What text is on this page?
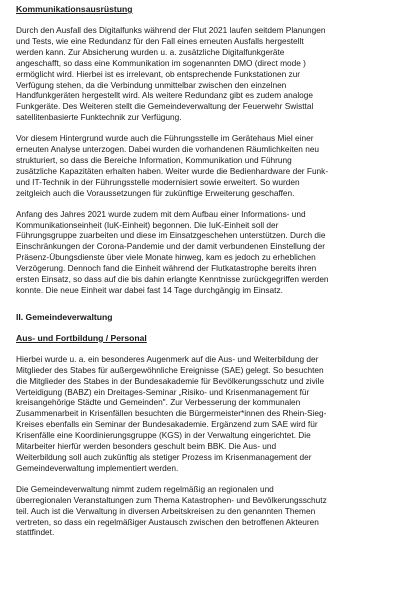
Kommunikationsausrüstung
Durch den Ausfall des Digitalfunks während der Flut 2021 laufen seitdem Planungen
und Tests, wie eine Redundanz für den Fall eines erneuten Ausfalls hergestellt
werden kann. Zur Absicherung wurden u. a. zusätzliche Digitalfunkgeräte
angeschafft, so dass eine Kommunikation im sogenannten DMO (direct mode )
ermöglicht wird. Hierbei ist es irrelevant, ob entsprechende Funkstationen zur
Verfügung stehen, da die Verbindung unmittelbar zwischen den einzelnen
Handfunkgeräten hergestellt wird. Als weitere Redundanz gibt es zudem analoge
Funkgeräte. Des Weiteren stellt die Gemeindeverwaltung der Feuerwehr Swisttal
satellitenbasierte Funktechnik zur Verfügung.
Vor diesem Hintergrund wurde auch die Führungsstelle im Gerätehaus Miel einer
erneuten Analyse unterzogen. Dabei wurden die vorhandenen Räumlichkeiten neu
strukturiert, so dass die Bereiche Information, Kommunikation und Führung
zusätzliche Kapazitäten erhalten haben. Weiter wurde die Bedienhardware der Funk-
und IT-Technik in der Führungsstelle modernisiert sowie erweitert. So wurden
zeitgleich auch die Voraussetzungen für zukünftige Erweiterung geschaffen.
Anfang des Jahres 2021 wurde zudem mit dem Aufbau einer Informations- und
Kommunikationseinheit (IuK-Einheit) begonnen. Die IuK-Einheit soll der
Führungsgruppe zuarbeiten und diese im Einsatzgeschehen unterstützen. Durch die
Einschränkungen der Corona-Pandemie und der damit verbundenen Einstellung der
Präsenz-Übungsdienste über viele Monate hinweg, kam es jedoch zu erheblichen
Verzögerung. Dennoch fand die Einheit während der Flutkatastrophe bereits ihren
ersten Einsatz, so dass auf die bis dahin erlangte Kenntnisse zurückgegriffen werden
konnte. Die neue Einheit war dabei fast 14 Tage durchgängig im Einsatz.
II. Gemeindeverwaltung
Aus- und Fortbildung / Personal
Hierbei wurde u. a. ein besonderes Augenmerk auf die Aus- und Weiterbildung der
Mitglieder des Stabes für außergewöhnliche Ereignisse (SAE) gelegt. So besuchten
die Mitglieder des Stabes in der Bundesakademie für Bevölkerungsschutz und zivile
Verteidigung (BABZ) ein Dreitages-Seminar „Risiko- und Krisenmanagement für
kreisangehörige Städte und Gemeinden". Zur Verbesserung der kommunalen
Zusammenarbeit in Krisenfällen besuchten die Bürgermeister*innen des Rhein-Sieg-
Kreises ebenfalls ein Seminar der Bundesakademie. Ergänzend zum SAE wird für
Krisenfälle eine Koordinierungsgruppe (KGS) in der Verwaltung eingerichtet. Die
Mitarbeiter hierfür werden besonders geschult beim BBK. Die Aus- und
Weiterbildung soll auch zukünftig als stetiger Prozess im Krisenmanagement der
Gemeindeverwaltung implementiert werden.
Die Gemeindeverwaltung nimmt zudem regelmäßig an regionalen und
überregionalen Veranstaltungen zum Thema Katastrophen- und Bevölkerungsschutz
teil. Auch ist die Verwaltung in diversen Arbeitskreisen zu den genannten Themen
vertreten, so dass ein regelmäßiger Austausch zwischen den betroffenen Akteuren
stattfindet.
